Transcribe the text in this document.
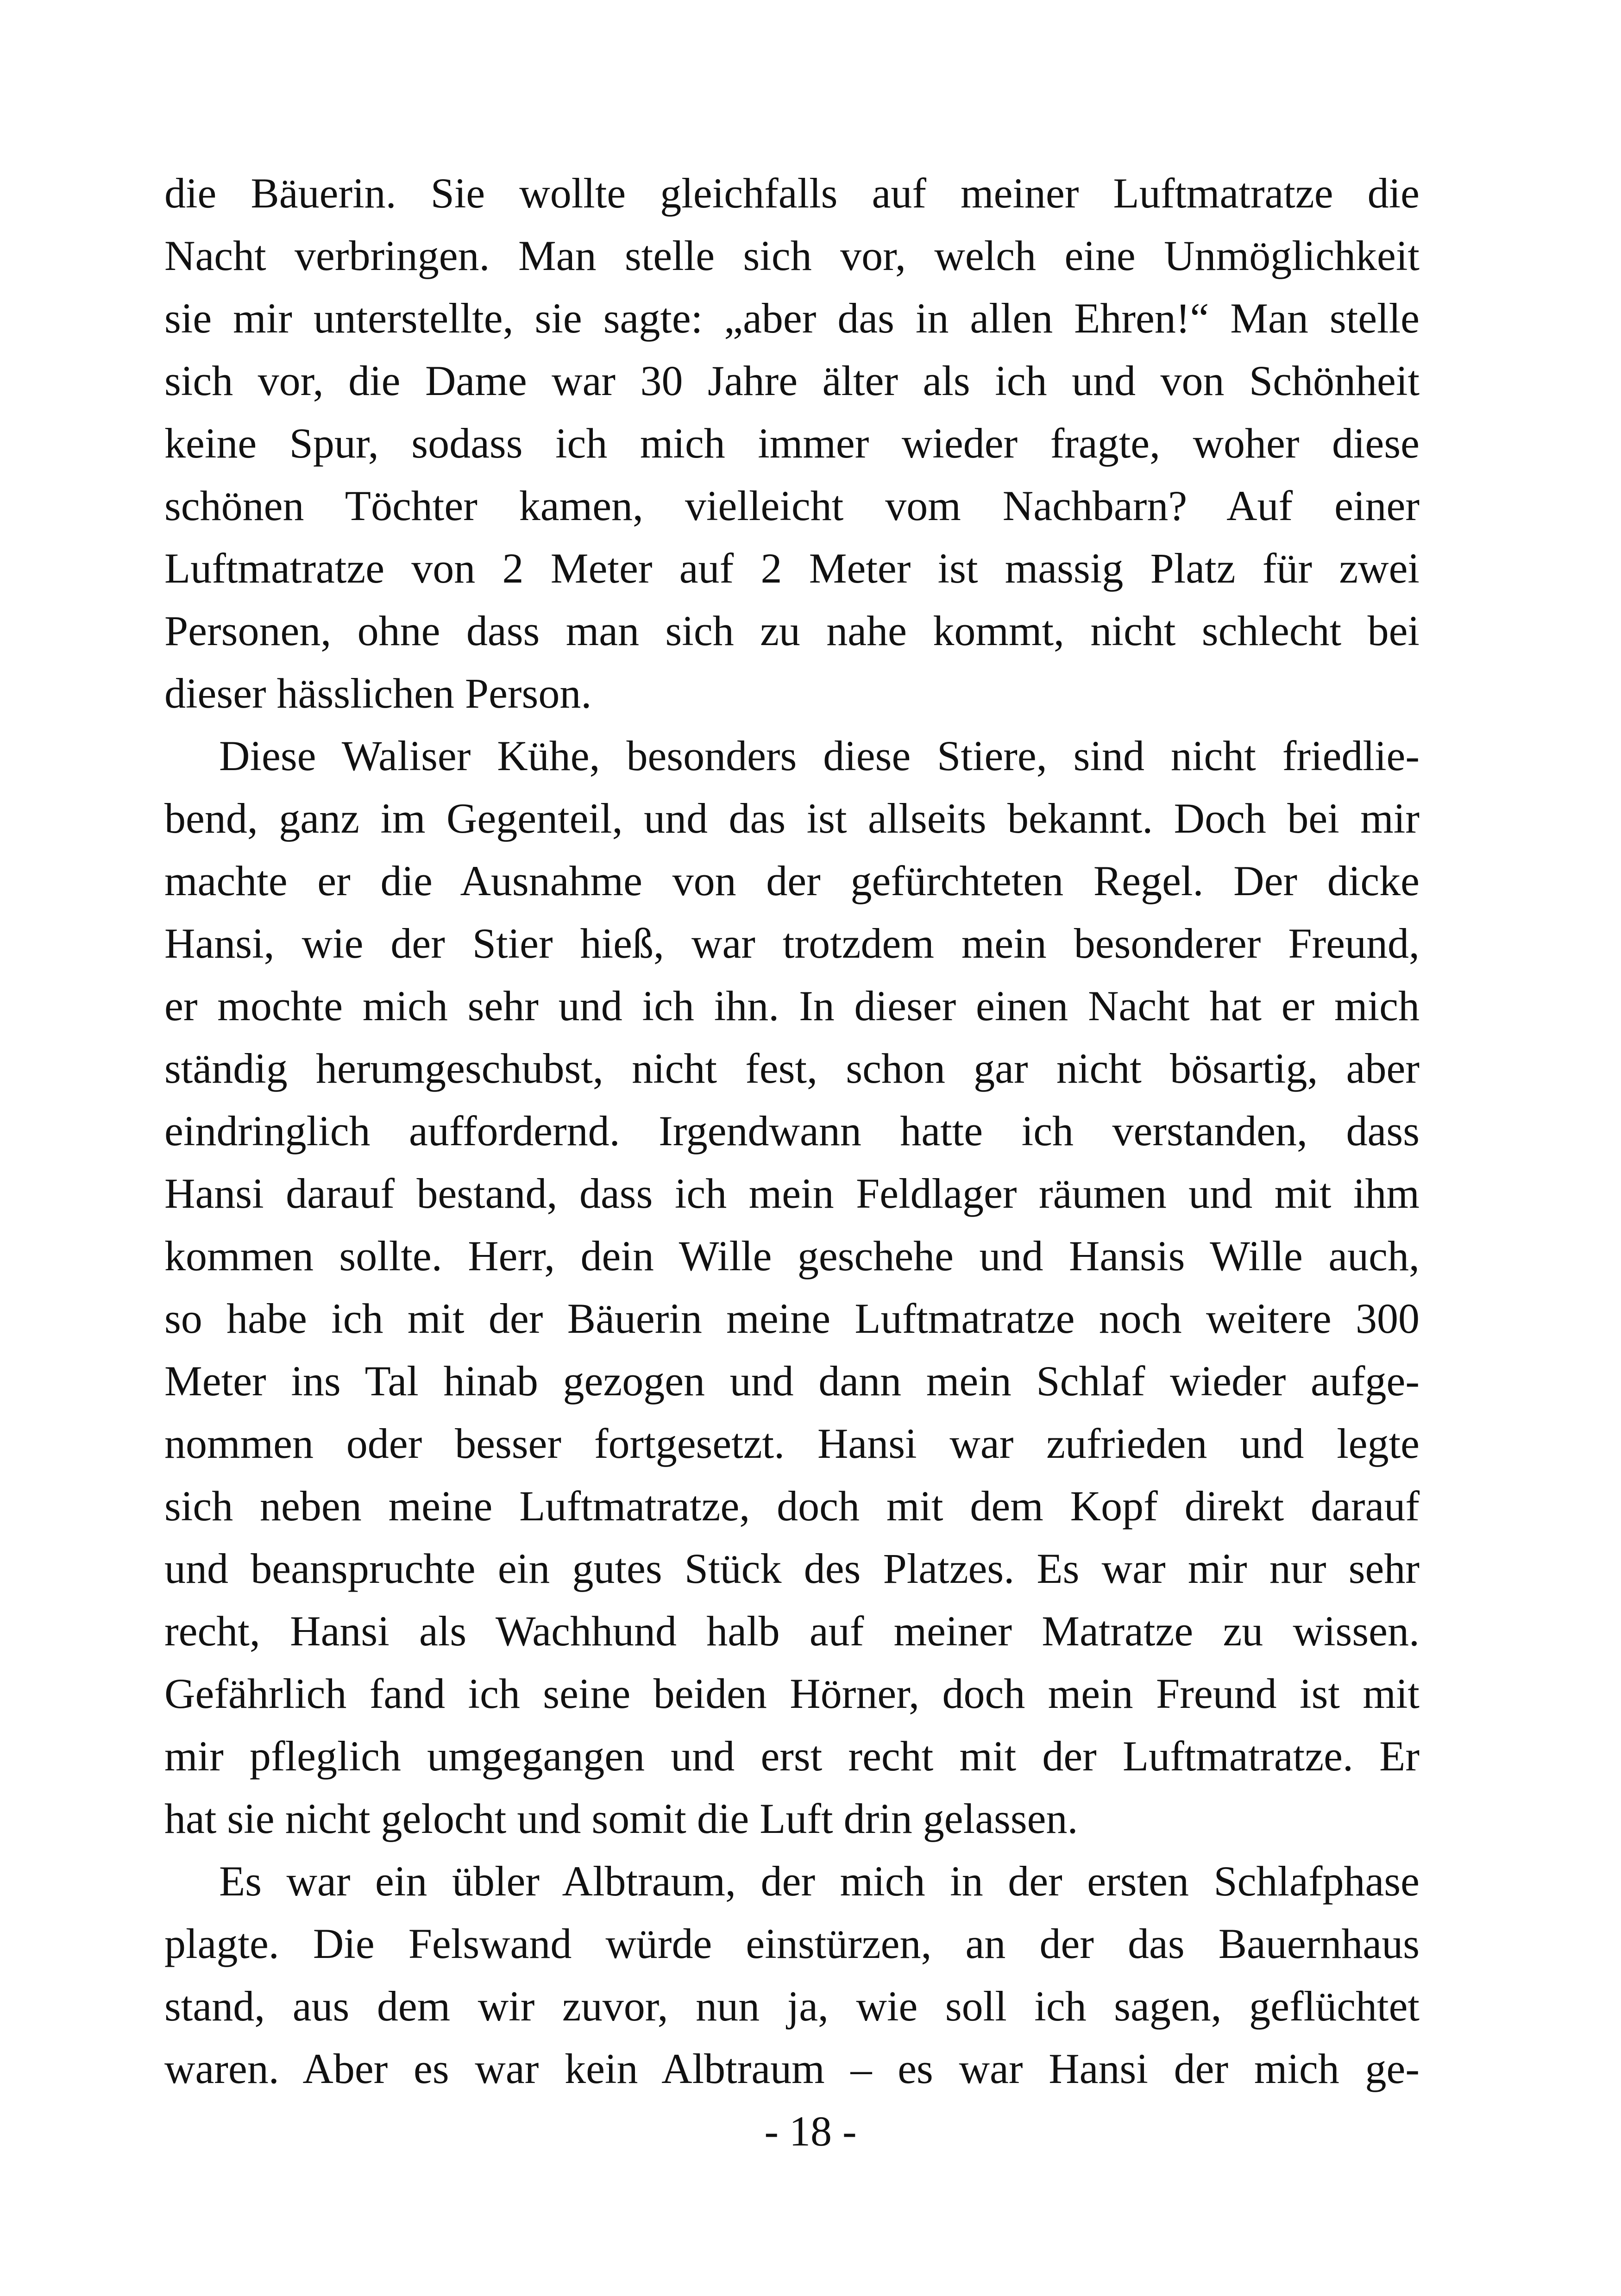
die Bäuerin. Sie wollte gleichfalls auf meiner Luftmatratze die
Nacht verbringen. Man stelle sich vor, welch eine Unmöglichkeit
sie mir unterstellte, sie sagte: „aber das in allen Ehren!“ Man stelle
sich vor, die Dame war 30 Jahre älter als ich und von Schönheit
keine Spur, sodass ich mich immer wieder fragte, woher diese
schönen Töchter kamen, vielleicht vom Nachbarn? Auf einer
Luftmatratze von 2 Meter auf 2 Meter ist massig Platz für zwei
Personen, ohne dass man sich zu nahe kommt, nicht schlecht bei
dieser hässlichen Person.
Diese Waliser Kühe, besonders diese Stiere, sind nicht friedlie-
bend, ganz im Gegenteil, und das ist allseits bekannt. Doch bei mir
machte er die Ausnahme von der gefürchteten Regel. Der dicke
Hansi, wie der Stier hieß, war trotzdem mein besonderer Freund,
er mochte mich sehr und ich ihn. In dieser einen Nacht hat er mich
ständig herumgeschubst, nicht fest, schon gar nicht bösartig, aber
eindringlich auffordernd. Irgendwann hatte ich verstanden, dass
Hansi darauf bestand, dass ich mein Feldlager räumen und mit ihm
kommen sollte. Herr, dein Wille geschehe und Hansis Wille auch,
so habe ich mit der Bäuerin meine Luftmatratze noch weitere 300
Meter ins Tal hinab gezogen und dann mein Schlaf wieder aufge-
nommen oder besser fortgesetzt. Hansi war zufrieden und legte
sich neben meine Luftmatratze, doch mit dem Kopf direkt darauf
und beanspruchte ein gutes Stück des Platzes. Es war mir nur sehr
recht, Hansi als Wachhund halb auf meiner Matratze zu wissen.
Gefährlich fand ich seine beiden Hörner, doch mein Freund ist mit
mir pfleglich umgegangen und erst recht mit der Luftmatratze. Er
hat sie nicht gelocht und somit die Luft drin gelassen.
Es war ein übler Albtraum, der mich in der ersten Schlafphase
plagte. Die Felswand würde einstürzen, an der das Bauernhaus
stand, aus dem wir zuvor, nun ja, wie soll ich sagen, geflüchtet
waren. Aber es war kein Albtraum – es war Hansi der mich ge-
- 18 -
